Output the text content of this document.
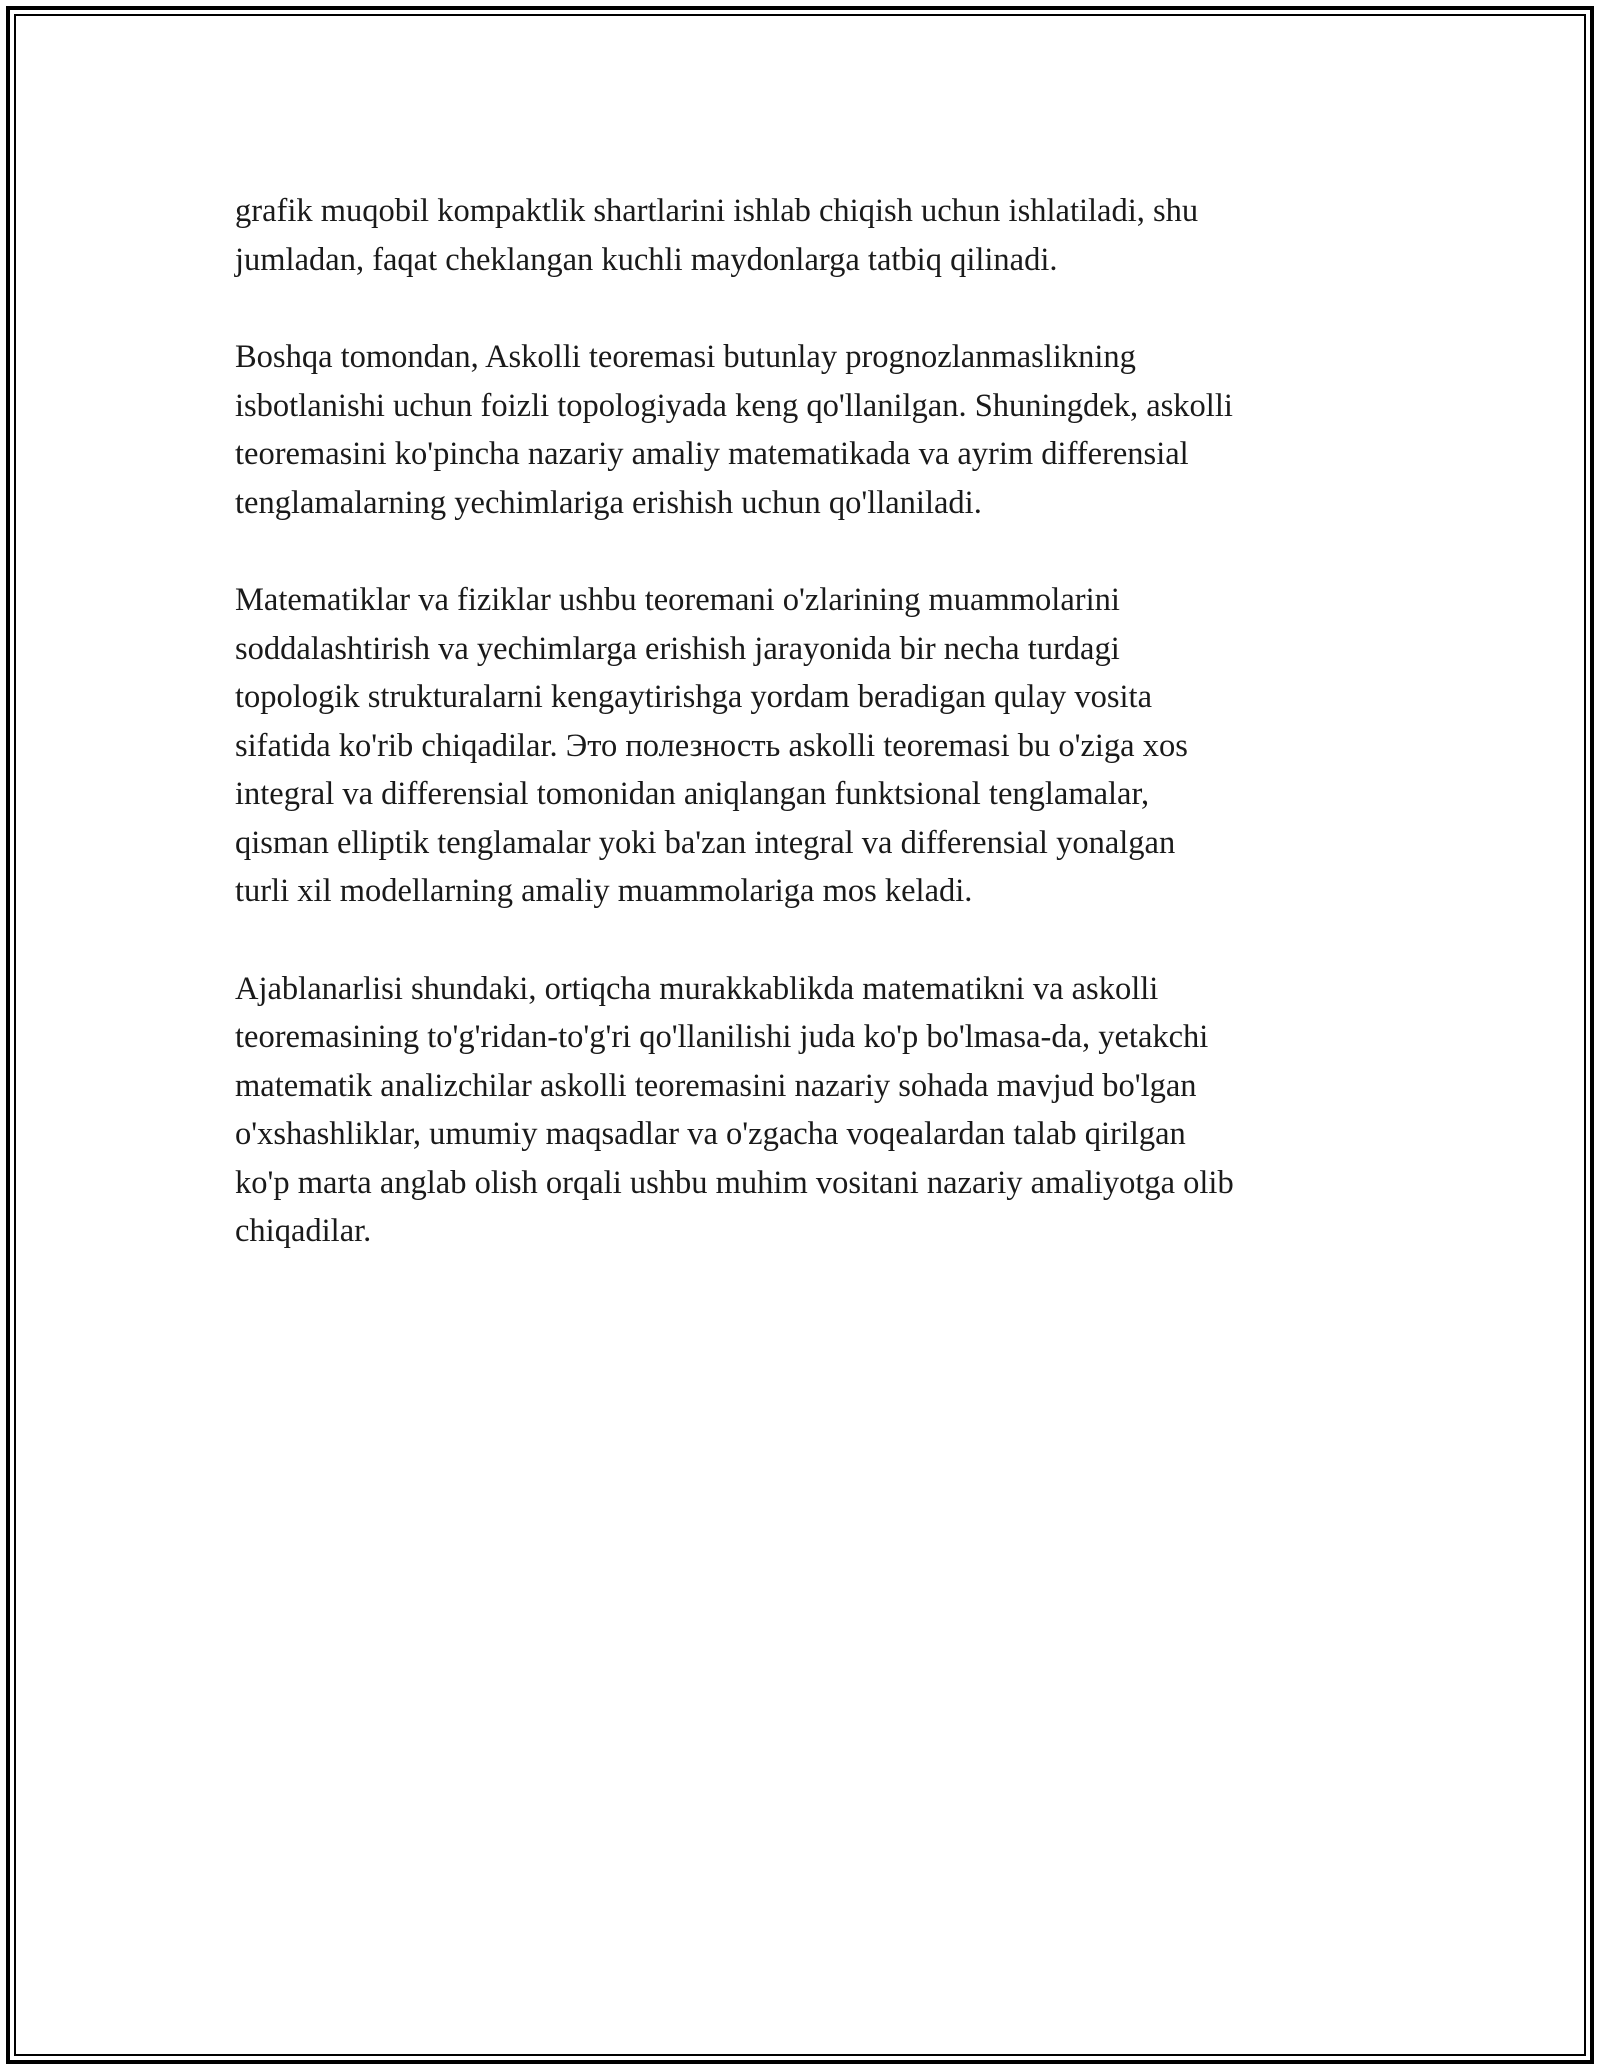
grafik muqobil kompaktlik shartlarini ishlab chiqish uchun ishlatiladi, shu
jumladan, faqat cheklangan kuchli maydonlarga tatbiq qilinadi.

Boshqa tomondan, Askolli teoremasi butunlay prognozlanmaslikning
isbotlanishi uchun foizli topologiyada keng qo'llanilgan. Shuningdek, askolli
teoremasini ko'pincha nazariy amaliy matematikada va ayrim differensial
tenglamalarning yechimlariga erishish uchun qo'llaniladi.

Matematiklar va fiziklar ushbu teoremani o'zlarining muammolarini
soddalashtirish va yechimlarga erishish jarayonida bir necha turdagi
topologik strukturalarni kengaytirishga yordam beradigan qulay vosita
sifatida ko'rib chiqadilar. Это полезность askolli teoremasi bu o'ziga xos
integral va differensial tomonidan aniqlangan funktsional tenglamalar,
qisman elliptik tenglamalar yoki ba'zan integral va differensial yonalgan
turli xil modellarning amaliy muammolariga mos keladi.

Ajablanarlisi shundaki, ortiqcha murakkablikda matematikni va askolli
teoremasining to'g'ridan-to'g'ri qo'llanilishi juda ko'p bo'lmasa-da, yetakchi
matematik analizchilar askolli teoremasini nazariy sohada mavjud bo'lgan
o'xshashliklar, umumiy maqsadlar va o'zgacha voqealardan talab qirilgan
ko'p marta anglab olish orqali ushbu muhim vositani nazariy amaliyotga olib
chiqadilar.
